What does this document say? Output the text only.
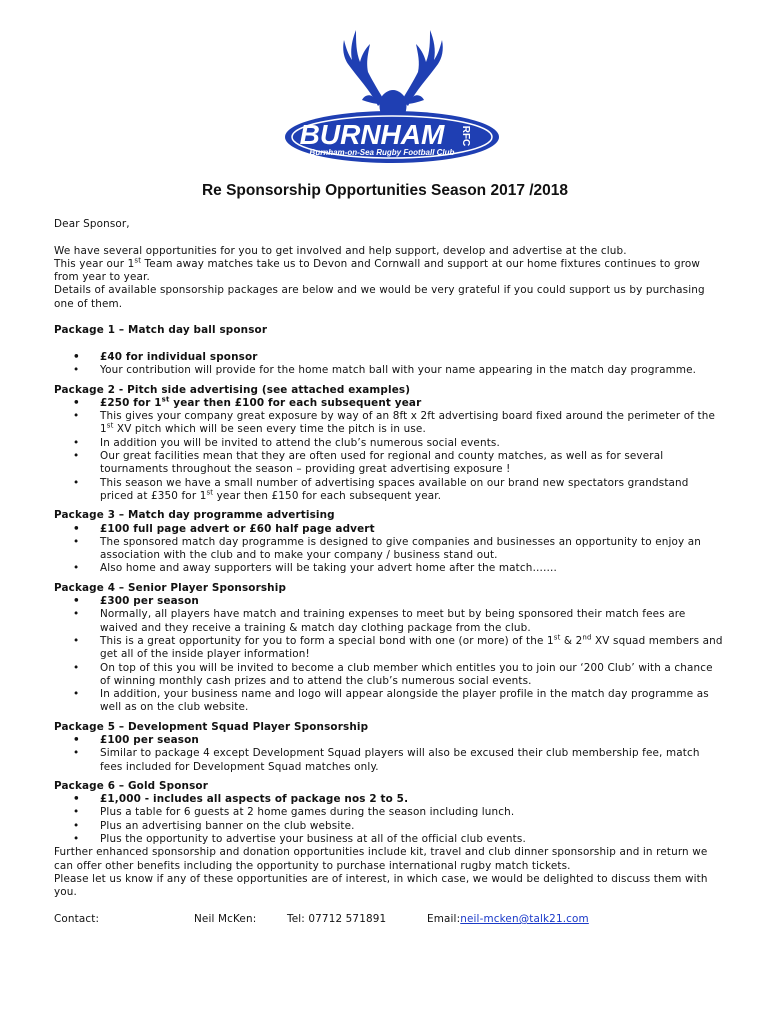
BURNHAM RFC
Burnham-on-Sea Rugby Football Club
Re Sponsorship Opportunities Season 2017 /2018

Dear Sponsor,

We have several opportunities for you to get involved and help support, develop and advertise at the club.

This year our 1st Team away matches take us to Devon and Cornwall and support at our home fixtures continues to grow from year to year.

Details of available sponsorship packages are below and we would be very grateful if you could support us by purchasing one of them.

Package 1 – Match day ball sponsor

• £40 for individual sponsor
• Your contribution will provide for the home match ball with your name appearing in the match day programme.

Package 2 - Pitch side advertising (see attached examples)

• £250 for 1st year then £100 for each subsequent year
• This gives your company great exposure by way of an 8ft x 2ft advertising board fixed around the perimeter of the 1st XV pitch which will be seen every time the pitch is in use.
• In addition you will be invited to attend the club’s numerous social events.
• Our great facilities mean that they are often used for regional and county matches, as well as for several tournaments throughout the season – providing great advertising exposure !
• This season we have a small number of advertising spaces available on our brand new spectators grandstand priced at £350 for 1st year then £150 for each subsequent year.

Package 3 – Match day programme advertising

• £100 full page advert or £60 half page advert
• The sponsored match day programme is designed to give companies and businesses an opportunity to enjoy an association with the club and to make your company / business stand out.
• Also home and away supporters will be taking your advert home after the match…….

Package 4 – Senior Player Sponsorship

• £300 per season
• Normally, all players have match and training expenses to meet but by being sponsored their match fees are waived and they receive a training & match day clothing package from the club.
• This is a great opportunity for you to form a special bond with one (or more) of the 1st & 2nd XV squad members and get all of the inside player information!
• On top of this you will be invited to become a club member which entitles you to join our ‘200 Club’ with a chance of winning monthly cash prizes and to attend the club’s numerous social events.
• In addition, your business name and logo will appear alongside the player profile in the match day programme as well as on the club website.

Package 5 – Development Squad Player Sponsorship

• £100 per season
• Similar to package 4 except Development Squad players will also be excused their club membership fee, match fees included for Development Squad matches only.

Package 6 – Gold Sponsor

• £1,000 - includes all aspects of package nos 2 to 5.
• Plus a table for 6 guests at 2 home games during the season including lunch.
• Plus an advertising banner on the club website.
• Plus the opportunity to advertise your business at all of the official club events.

Further enhanced sponsorship and donation opportunities include kit, travel and club dinner sponsorship and in return we can offer other benefits including the opportunity to purchase international rugby match tickets.

Please let us know if any of these opportunities are of interest, in which case, we would be delighted to discuss them with you.

Contact:	Neil McKen:	Tel: 07712 571891	Email:neil-mcken@talk21.com
